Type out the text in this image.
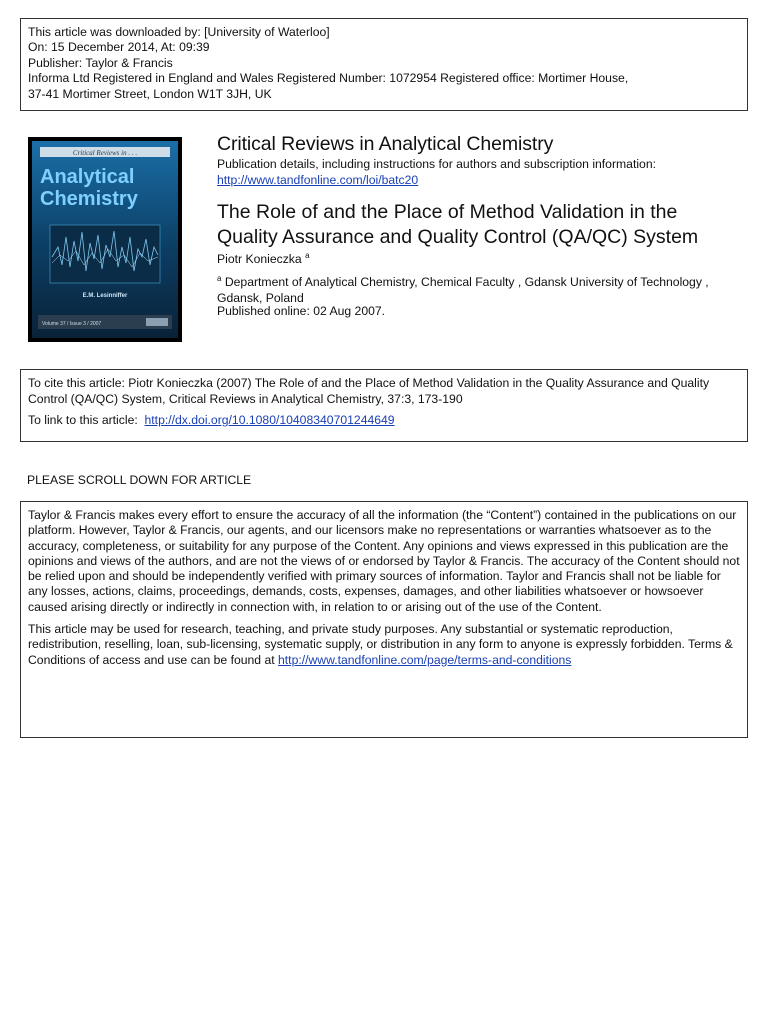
This article was downloaded by: [University of Waterloo]
On: 15 December 2014, At: 09:39
Publisher: Taylor & Francis
Informa Ltd Registered in England and Wales Registered Number: 1072954 Registered office: Mortimer House,
37-41 Mortimer Street, London W1T 3JH, UK
Critical Reviews in . . .
Analytical
Chemistry
E.M. Lesinniffer
Volume 37 / Issue 3 / 2007
Critical Reviews in Analytical Chemistry
Publication details, including instructions for authors and subscription information:
http://www.tandfonline.com/loi/batc20
The Role of and the Place of Method Validation in the Quality Assurance and Quality Control (QA/QC) System
Piotr Konieczka $^a$
$^a$ Department of Analytical Chemistry, Chemical Faculty , Gdansk University of Technology , Gdansk, Poland
Published online: 02 Aug 2007.
To cite this article: Piotr Konieczka (2007) The Role of and the Place of Method Validation in the Quality Assurance and Quality Control (QA/QC) System, Critical Reviews in Analytical Chemistry, 37:3, 173-190
To link to this article: http://dx.doi.org/10.1080/10408340701244649
PLEASE SCROLL DOWN FOR ARTICLE

Taylor & Francis makes every effort to ensure the accuracy of all the information (the “Content”) contained in the publications on our platform. However, Taylor & Francis, our agents, and our licensors make no representations or warranties whatsoever as to the accuracy, completeness, or suitability for any purpose of the Content. Any opinions and views expressed in this publication are the opinions and views of the authors, and are not the views of or endorsed by Taylor & Francis. The accuracy of the Content should not be relied upon and should be independently verified with primary sources of information. Taylor and Francis shall not be liable for any losses, actions, claims, proceedings, demands, costs, expenses, damages, and other liabilities whatsoever or howsoever caused arising directly or indirectly in connection with, in relation to or arising out of the use of the Content.

This article may be used for research, teaching, and private study purposes. Any substantial or systematic reproduction, redistribution, reselling, loan, sub-licensing, systematic supply, or distribution in any form to anyone is expressly forbidden. Terms & Conditions of access and use can be found at http://www.tandfonline.com/page/terms-and-conditions
